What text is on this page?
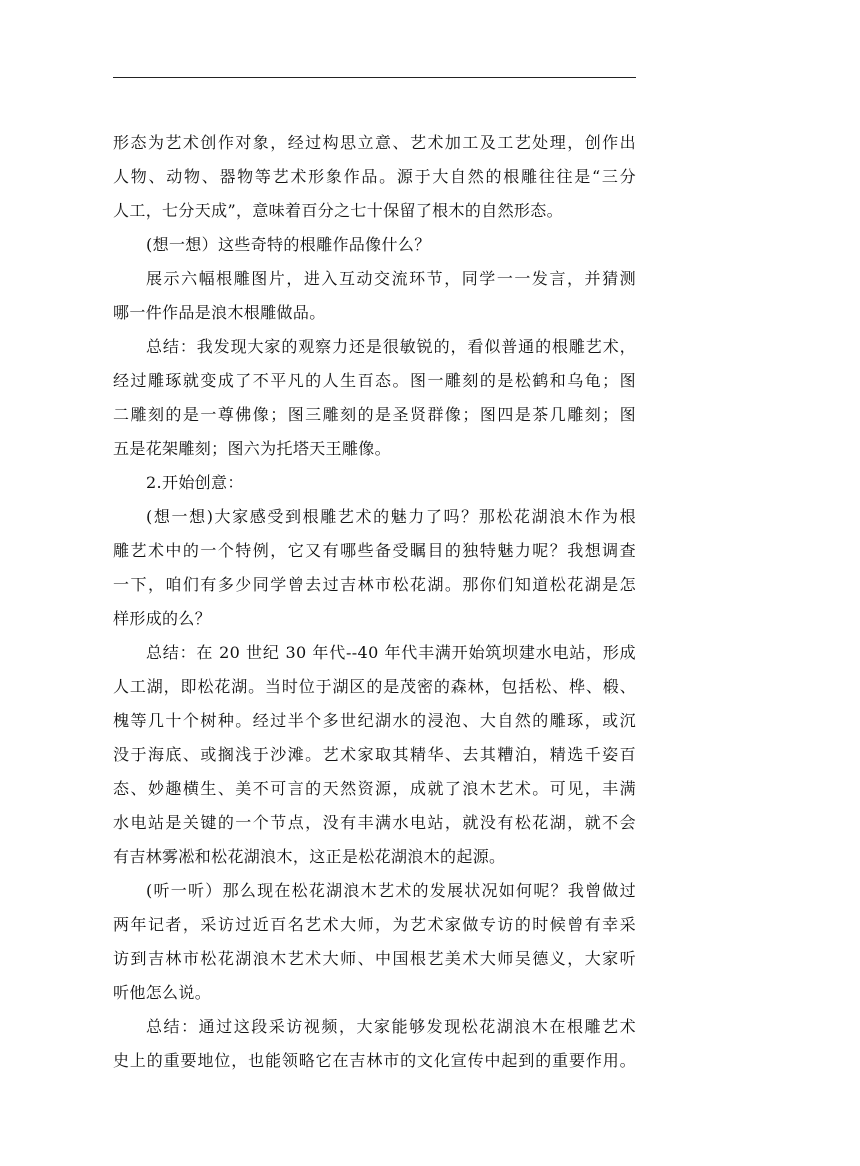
形态为艺术创作对象，经过构思立意、艺术加工及工艺处理，创作出
人物、动物、器物等艺术形象作品。源于大自然的根雕往往是“三分
人工，七分天成”，意味着百分之七十保留了根木的自然形态。
(想一想）这些奇特的根雕作品像什么？
展示六幅根雕图片，进入互动交流环节，同学一一发言，并猜测
哪一件作品是浪木根雕做品。
总结：我发现大家的观察力还是很敏锐的，看似普通的根雕艺术，
经过雕琢就变成了不平凡的人生百态。图一雕刻的是松鹤和乌龟；图
二雕刻的是一尊佛像；图三雕刻的是圣贤群像；图四是茶几雕刻；图
五是花架雕刻；图六为托塔天王雕像。
2.开始创意：
(想一想)大家感受到根雕艺术的魅力了吗？那松花湖浪木作为根
雕艺术中的一个特例，它又有哪些备受瞩目的独特魅力呢？我想调查
一下，咱们有多少同学曾去过吉林市松花湖。那你们知道松花湖是怎
样形成的么？
总结：在 20 世纪 30 年代--40 年代丰满开始筑坝建水电站，形成
人工湖，即松花湖。当时位于湖区的是茂密的森林，包括松、桦、椴、
槐等几十个树种。经过半个多世纪湖水的浸泡、大自然的雕琢，或沉
没于海底、或搁浅于沙滩。艺术家取其精华、去其糟泊，精选千姿百
态、妙趣横生、美不可言的天然资源，成就了浪木艺术。可见，丰满
水电站是关键的一个节点，没有丰满水电站，就没有松花湖，就不会
有吉林雾凇和松花湖浪木，这正是松花湖浪木的起源。
(听一听）那么现在松花湖浪木艺术的发展状况如何呢？我曾做过
两年记者，采访过近百名艺术大师，为艺术家做专访的时候曾有幸采
访到吉林市松花湖浪木艺术大师、中国根艺美术大师吴德义，大家听
听他怎么说。
总结：通过这段采访视频，大家能够发现松花湖浪木在根雕艺术
史上的重要地位，也能领略它在吉林市的文化宣传中起到的重要作用。
